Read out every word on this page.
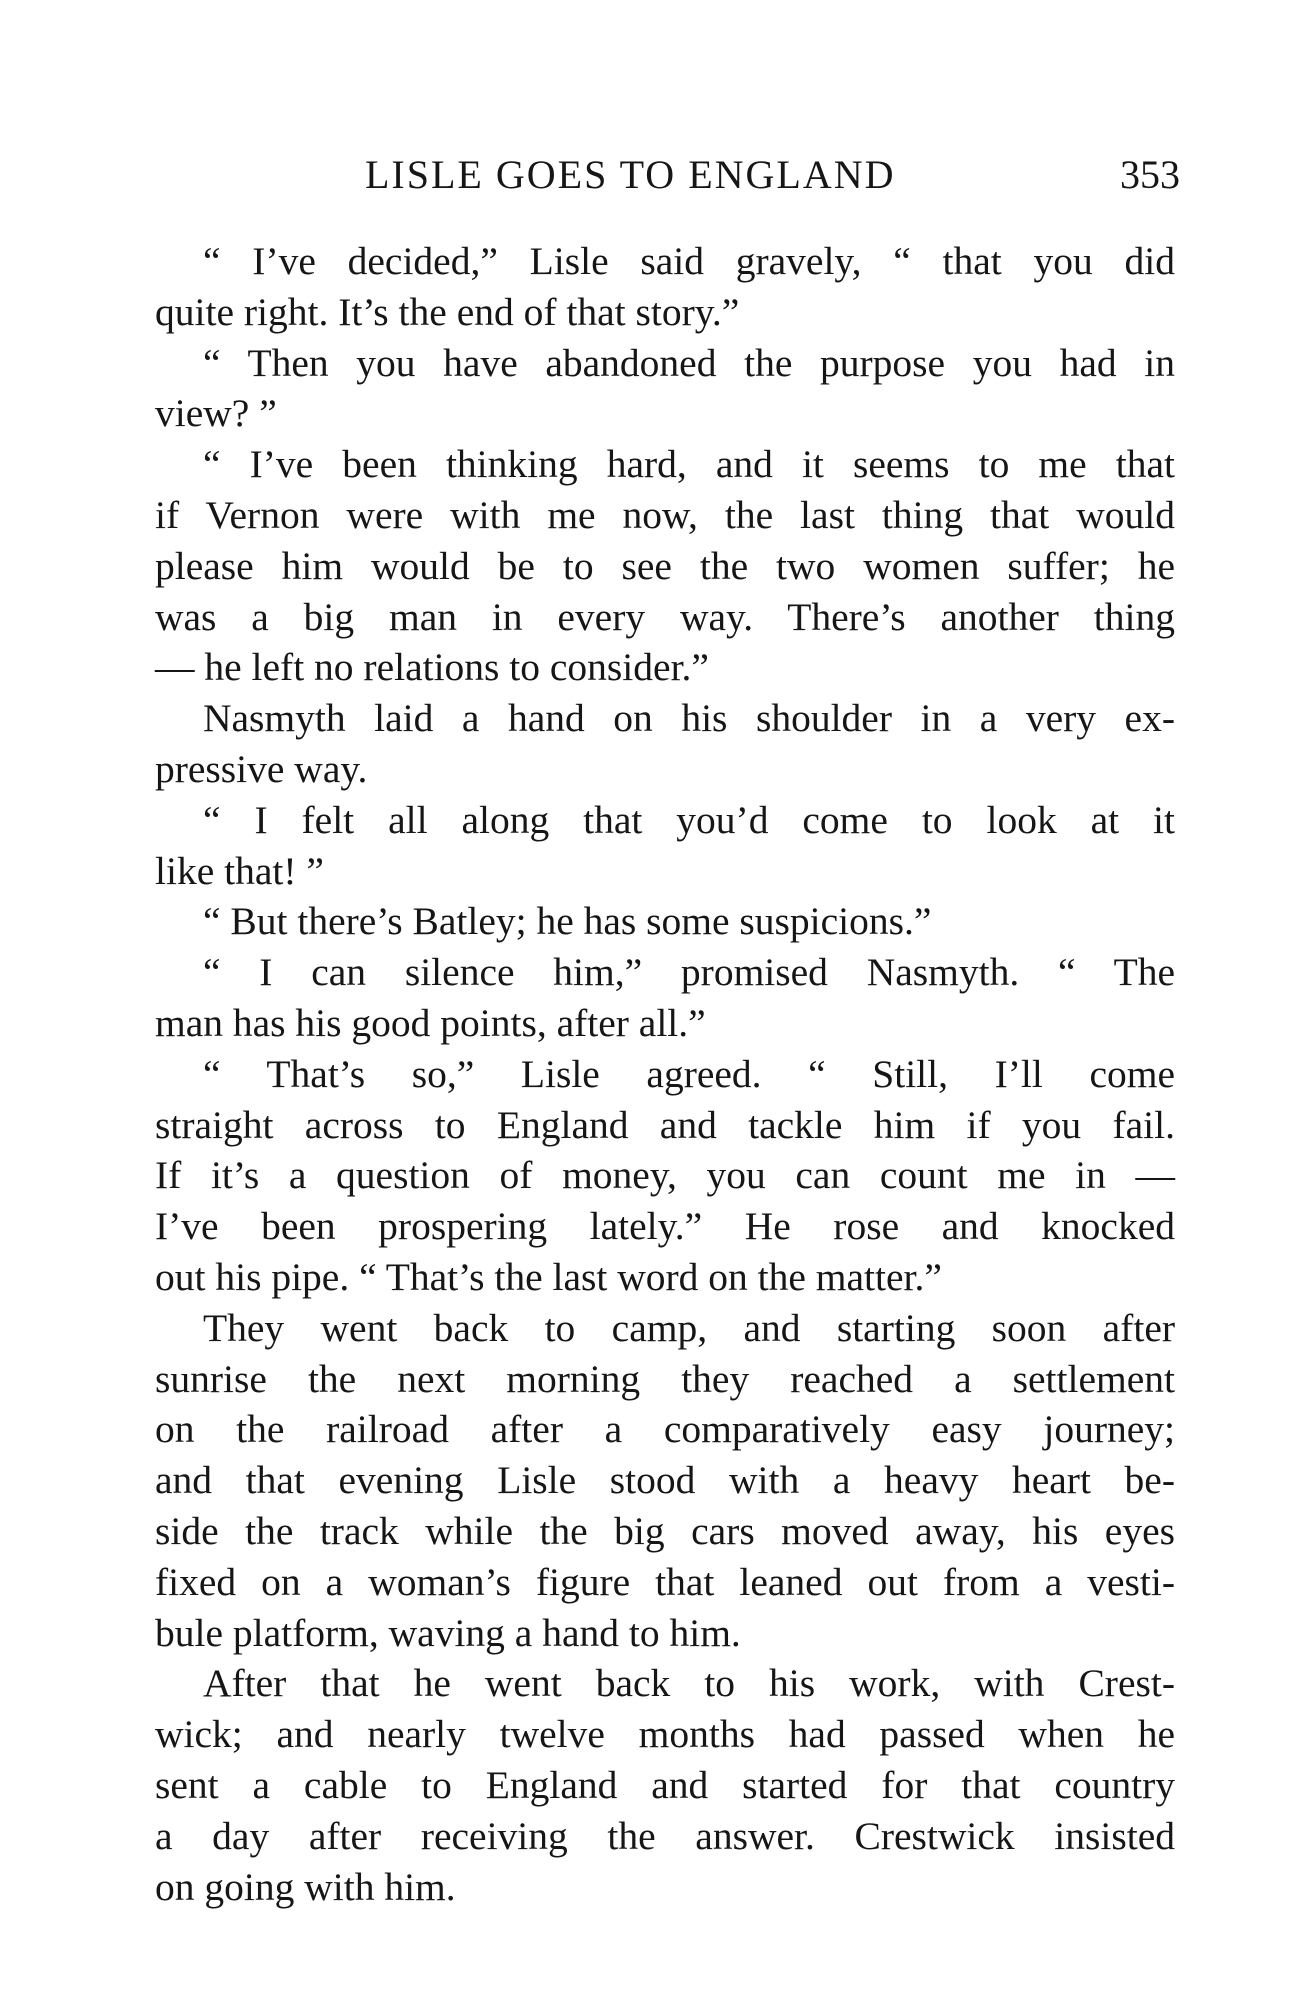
LISLE GOES TO ENGLAND	353
“ I’ve decided,” Lisle said gravely, “ that you did
quite right. It’s the end of that story.”
“ Then you have abandoned the purpose you had in
view? ”
“ I’ve been thinking hard, and it seems to me that
if Vernon were with me now, the last thing that would
please him would be to see the two women suffer; he
was a big man in every way. There’s another thing
— he left no relations to consider.”
Nasmyth laid a hand on his shoulder in a very ex-
pressive way.
“ I felt all along that you’d come to look at it
like that! ”
“ But there’s Batley; he has some suspicions.”
“ I can silence him,” promised Nasmyth. “ The
man has his good points, after all.”
“ That’s so,” Lisle agreed. “ Still, I’ll come
straight across to England and tackle him if you fail.
If it’s a question of money, you can count me in —
I’ve been prospering lately.” He rose and knocked
out his pipe. “ That’s the last word on the matter.”
They went back to camp, and starting soon after
sunrise the next morning they reached a settlement
on the railroad after a comparatively easy journey;
and that evening Lisle stood with a heavy heart be-
side the track while the big cars moved away, his eyes
fixed on a woman’s figure that leaned out from a vesti-
bule platform, waving a hand to him.
After that he went back to his work, with Crest-
wick; and nearly twelve months had passed when he
sent a cable to England and started for that country
a day after receiving the answer. Crestwick insisted
on going with him.
